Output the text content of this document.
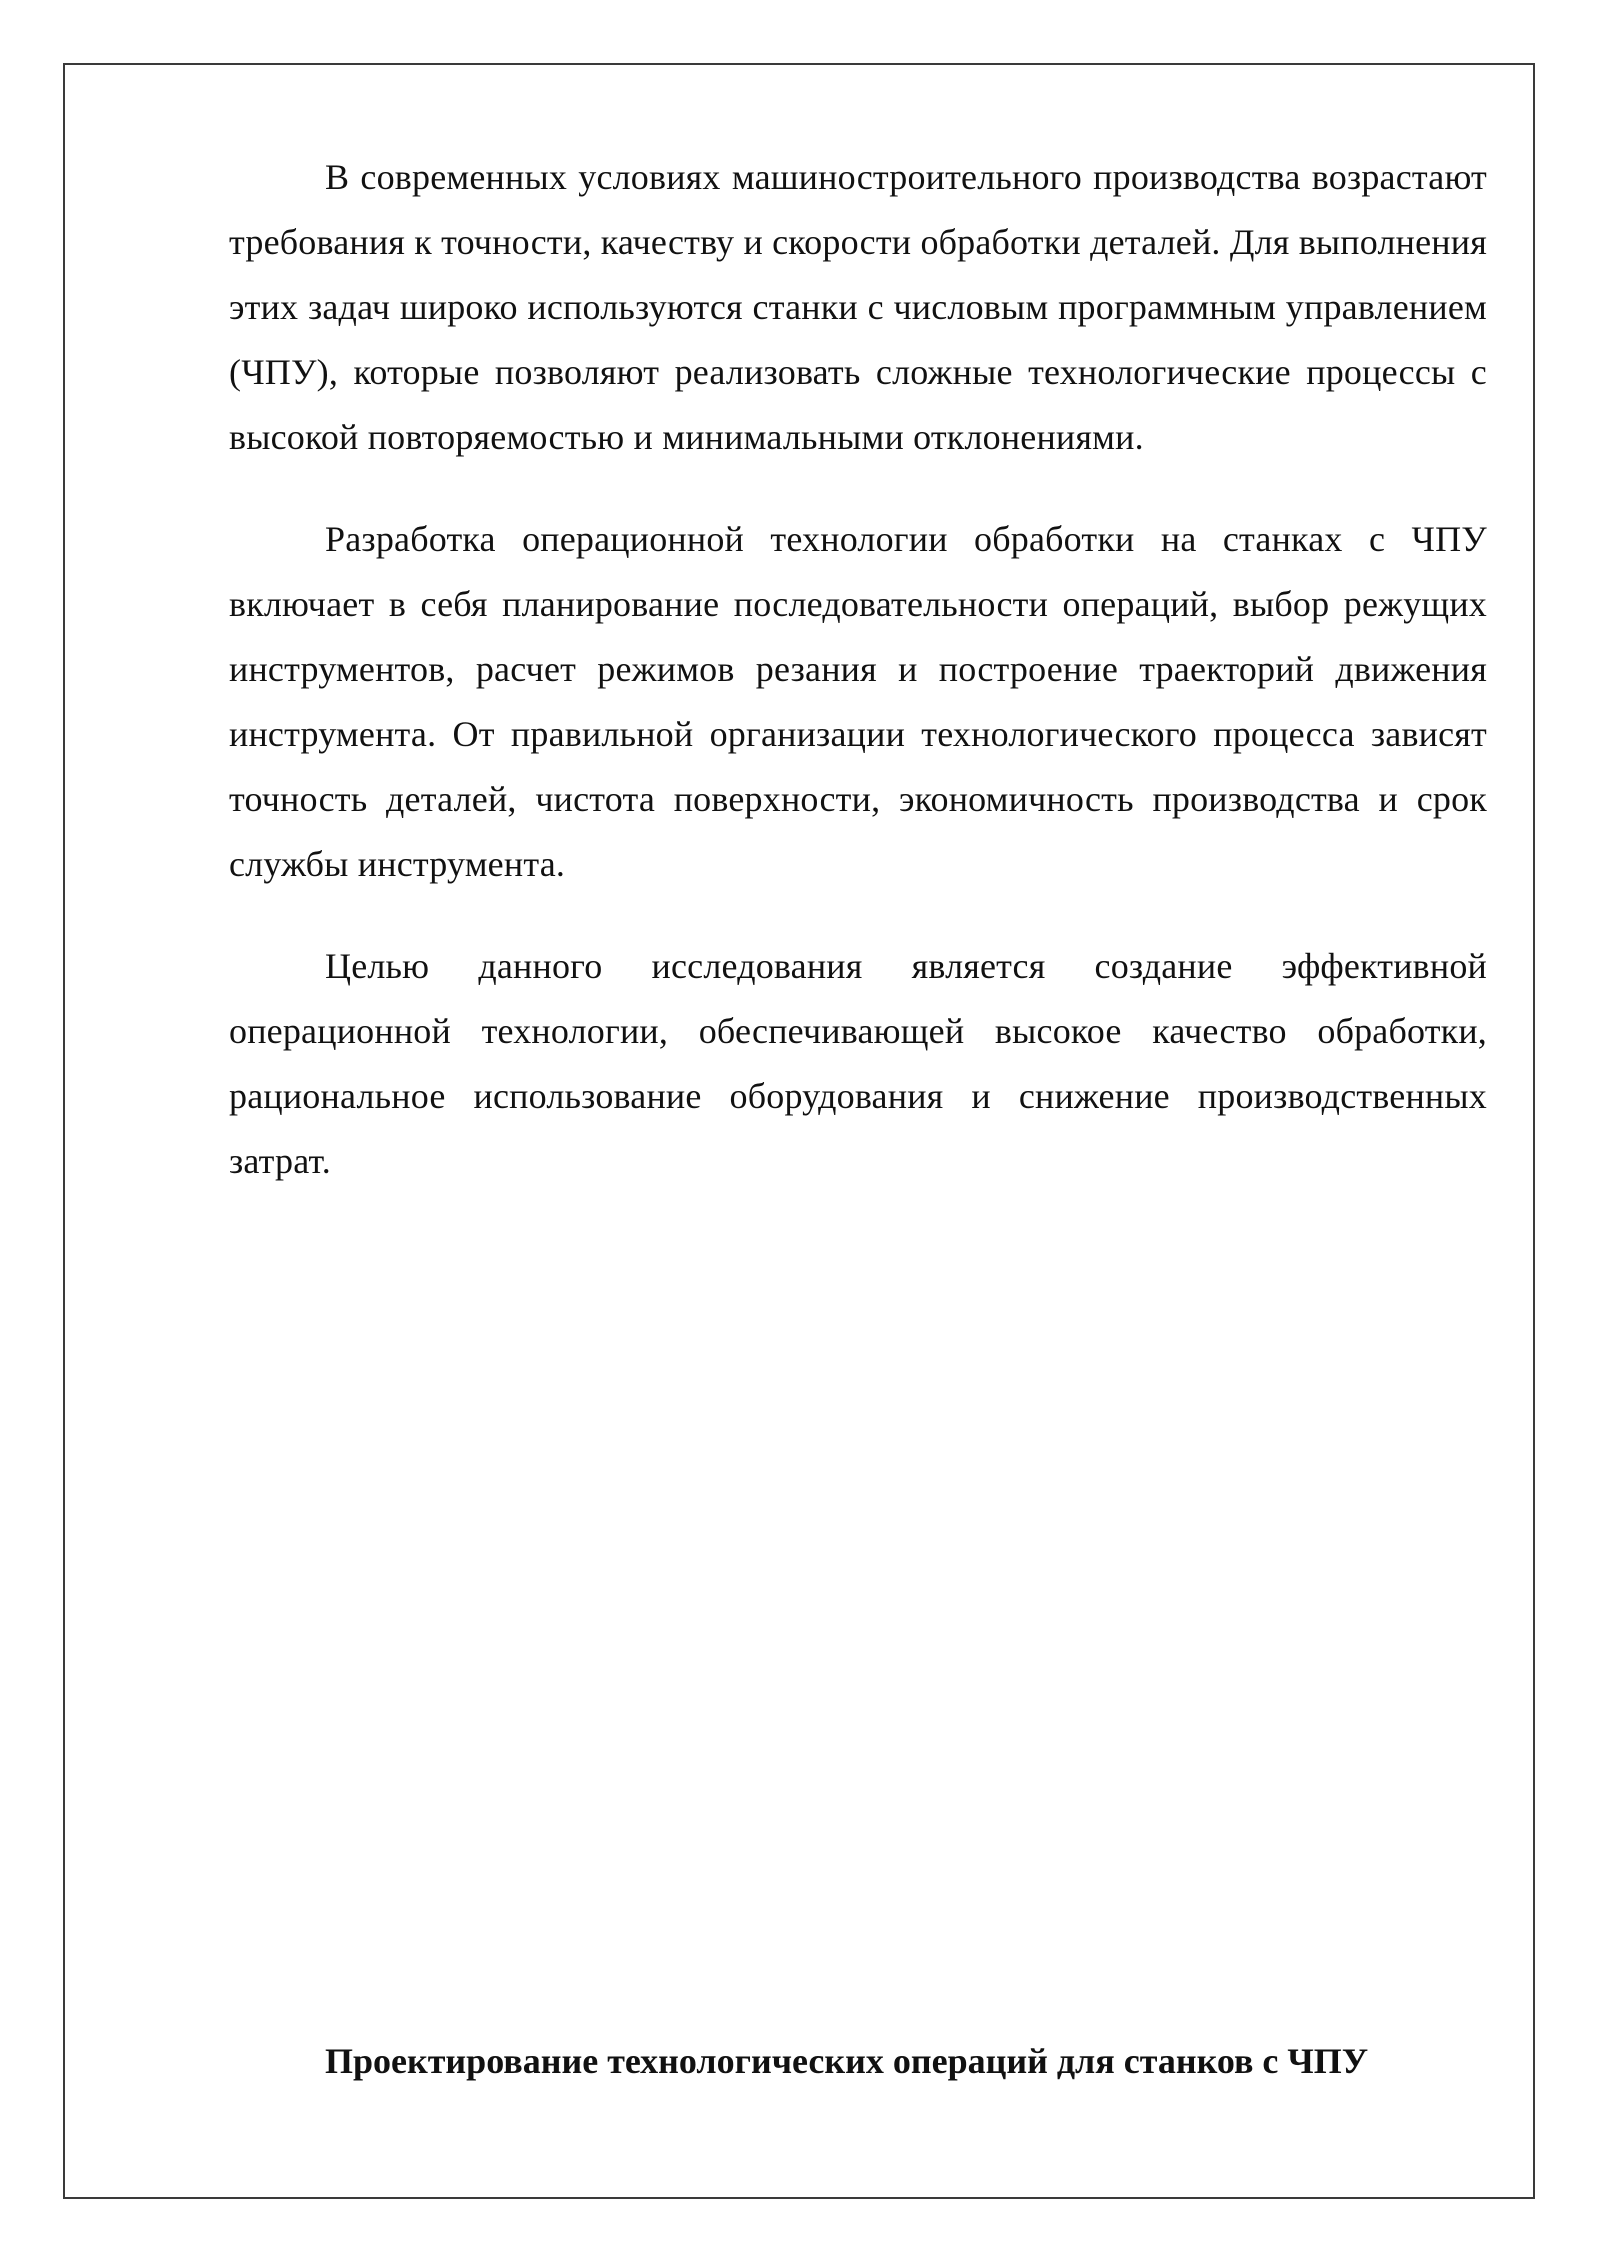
В современных условиях машиностроительного производства возрастают требования к точности, качеству и скорости обработки деталей. Для выполнения этих задач широко используются станки с числовым программным управлением (ЧПУ), которые позволяют реализовать сложные технологические процессы с высокой повторяемостью и минимальными отклонениями.

Разработка операционной технологии обработки на станках с ЧПУ включает в себя планирование последовательности операций, выбор режущих инструментов, расчет режимов резания и построение траекторий движения инструмента. От правильной организации технологического процесса зависят точность деталей, чистота поверхности, экономичность производства и срок службы инструмента.

Целью данного исследования является создание эффективной операционной технологии, обеспечивающей высокое качество обработки, рациональное использование оборудования и снижение производственных затрат.

Проектирование технологических операций для станков с ЧПУ
